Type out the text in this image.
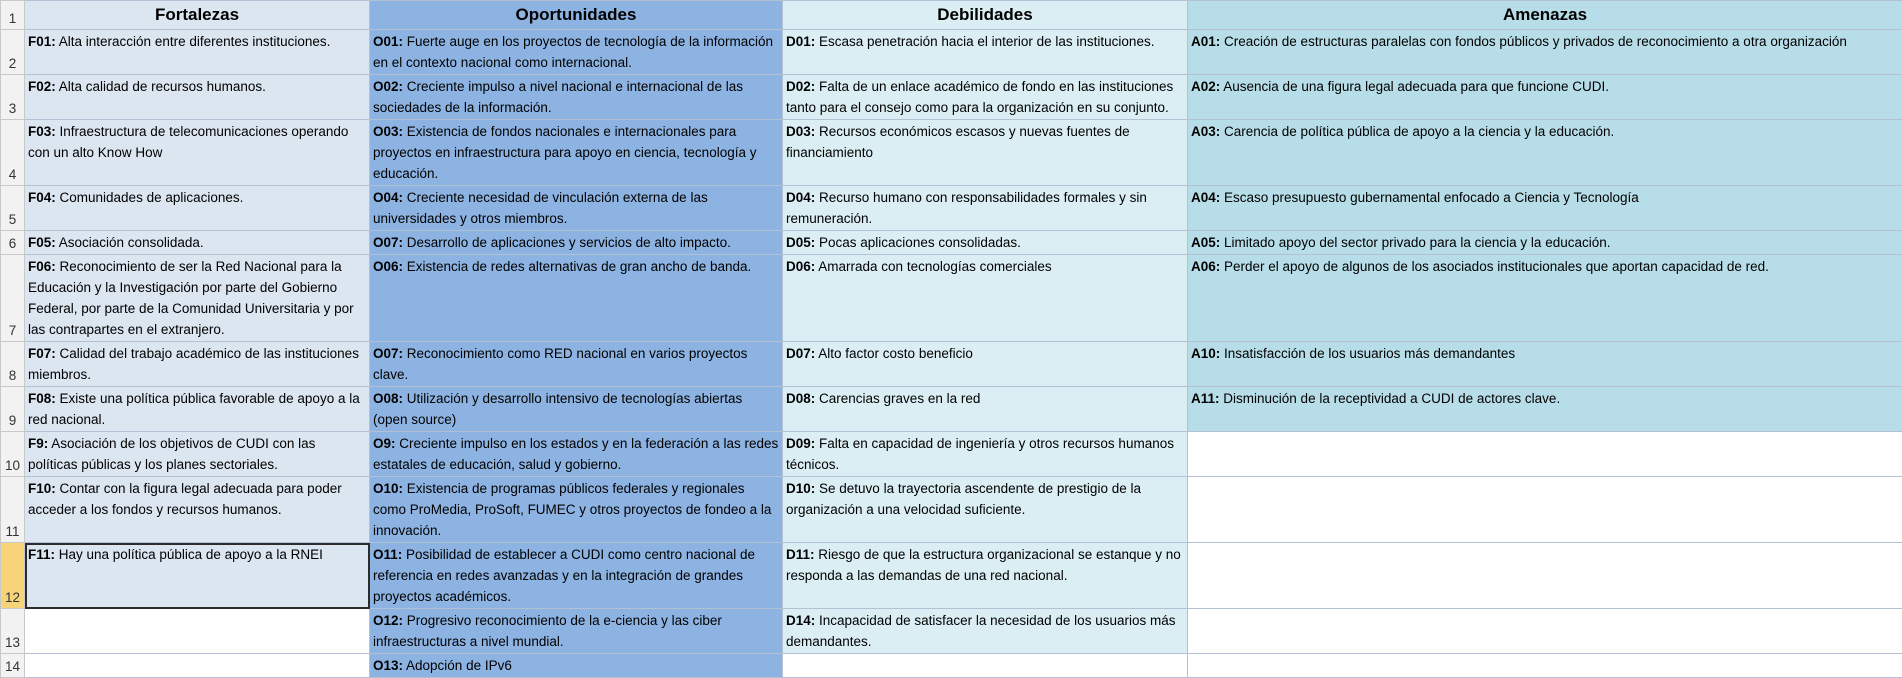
1	Fortalezas	Oportunidades	Debilidades	Amenazas
2	F01: Alta interacción entre diferentes instituciones.	O01: Fuerte auge en los proyectos de tecnología de la información en el contexto nacional como internacional.	D01: Escasa penetración hacia el interior de las instituciones.	A01: Creación de estructuras paralelas con fondos públicos y privados de reconocimiento a otra organización
3	F02: Alta calidad de recursos humanos.	O02: Creciente impulso a nivel nacional e internacional de las sociedades de la información.	D02: Falta de un enlace académico de fondo en las instituciones tanto para el consejo como para la organización en su conjunto.	A02: Ausencia de una figura legal adecuada para que funcione CUDI.
4	F03: Infraestructura de telecomunicaciones operando con un alto Know How	O03: Existencia de fondos nacionales e internacionales para proyectos en infraestructura para apoyo en ciencia, tecnología y educación.	D03: Recursos económicos escasos y nuevas fuentes de financiamiento	A03: Carencia de política pública de apoyo a la ciencia y la educación.
5	F04: Comunidades de aplicaciones.	O04: Creciente necesidad de vinculación externa de las universidades y otros miembros.	D04: Recurso humano con responsabilidades formales y sin remuneración.	A04: Escaso presupuesto gubernamental enfocado a Ciencia y Tecnología
6	F05: Asociación consolidada.	O07: Desarrollo de aplicaciones y servicios de alto impacto.	D05: Pocas aplicaciones consolidadas.	A05: Limitado apoyo del sector privado para la ciencia y la educación.
7	F06: Reconocimiento de ser la Red Nacional para la Educación y la Investigación por parte del Gobierno Federal, por parte de la Comunidad Universitaria y por las contrapartes en el extranjero.	O06: Existencia de redes alternativas de gran ancho de banda.	D06: Amarrada con tecnologías comerciales	A06: Perder el apoyo de algunos de los asociados institucionales que aportan capacidad de red.
8	F07: Calidad del trabajo académico de las instituciones miembros.	O07: Reconocimiento como RED nacional en varios proyectos clave.	D07: Alto factor costo beneficio	A10: Insatisfacción de los usuarios más demandantes
9	F08: Existe una política pública favorable de apoyo a la red nacional.	O08: Utilización y desarrollo intensivo de tecnologías abiertas (open source)	D08: Carencias graves en la red	A11: Disminución de la receptividad a CUDI de actores clave.
10	F9: Asociación de los objetivos de CUDI con las políticas públicas y los planes sectoriales.	O9: Creciente impulso en los estados y en la federación a las redes estatales de educación, salud y gobierno.	D09: Falta en capacidad de ingeniería y otros recursos humanos técnicos.	
11	F10: Contar con la figura legal adecuada para poder acceder a los fondos y recursos humanos.	O10: Existencia de programas públicos federales y regionales como ProMedia, ProSoft, FUMEC y otros proyectos de fondeo a la innovación.	D10: Se detuvo la trayectoria ascendente de prestigio de la organización a una velocidad suficiente.	
12	F11: Hay una política pública de apoyo a la RNEI	O11: Posibilidad de establecer a CUDI como centro nacional de referencia en redes avanzadas y en la integración de grandes proyectos académicos.	D11: Riesgo de que la estructura organizacional se estanque y no responda a las demandas de una red nacional.	
13		O12: Progresivo reconocimiento de la e-ciencia y las ciber infraestructuras a nivel mundial.	D14: Incapacidad de satisfacer la necesidad de los usuarios más demandantes.	
14		O13: Adopción de IPv6		
